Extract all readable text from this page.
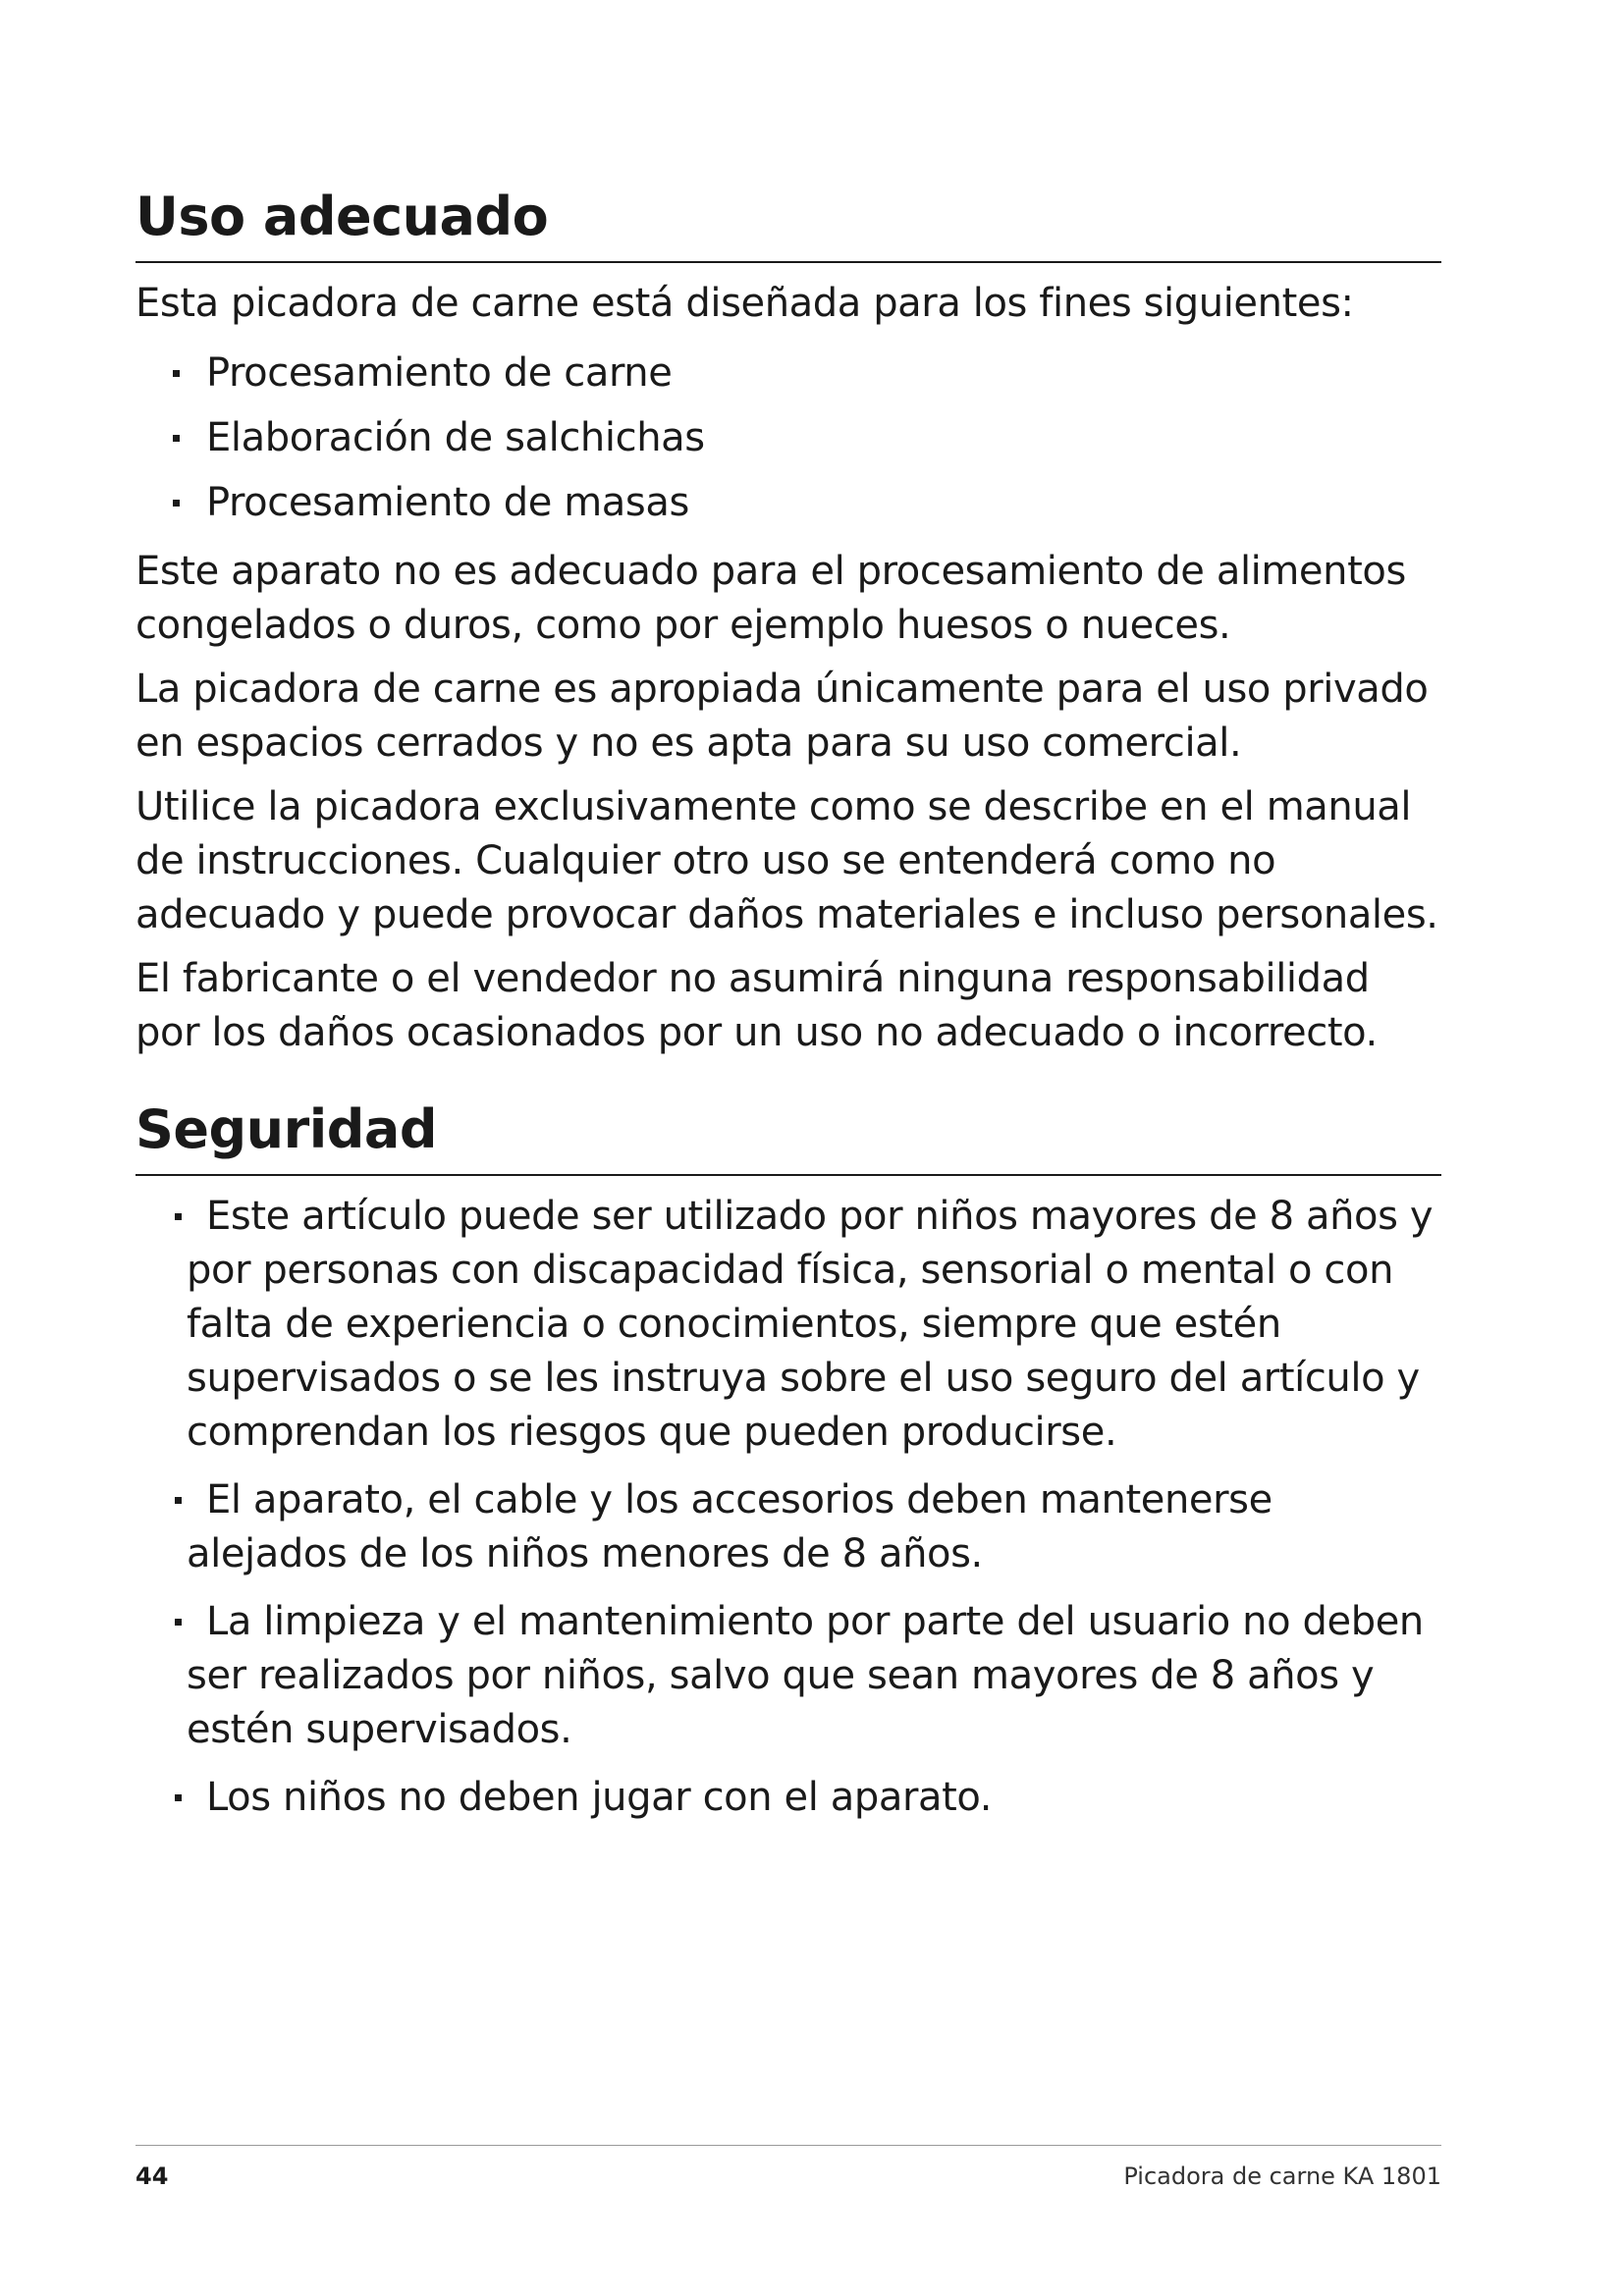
Uso adecuado

Esta picadora de carne está diseñada para los fines siguientes:

Procesamiento de carne
Elaboración de salchichas
Procesamiento de masas

Este aparato no es adecuado para el procesamiento de alimentos congelados o duros, como por ejemplo huesos o nueces.

La picadora de carne es apropiada únicamente para el uso privado en espacios cerrados y no es apta para su uso comercial.

Utilice la picadora exclusivamente como se describe en el manual de instrucciones. Cualquier otro uso se entenderá como no adecuado y puede provocar daños materiales e incluso personales.

El fabricante o el vendedor no asumirá ninguna responsabilidad por los daños ocasionados por un uso no adecuado o incorrecto.

Seguridad
Este artículo puede ser utilizado por niños mayores de 8 años y por personas con discapacidad física, sensorial o mental o con falta de experiencia o conocimientos, siempre que estén supervisados o se les instruya sobre el uso seguro del artículo y comprendan los riesgos que pueden producirse.
El aparato, el cable y los accesorios deben mantenerse alejados de los niños menores de 8 años.
La limpieza y el mantenimiento por parte del usuario no deben ser realizados por niños, salvo que sean mayores de 8 años y estén supervisados.
Los niños no deben jugar con el aparato.
44	Picadora de carne KA 1801
